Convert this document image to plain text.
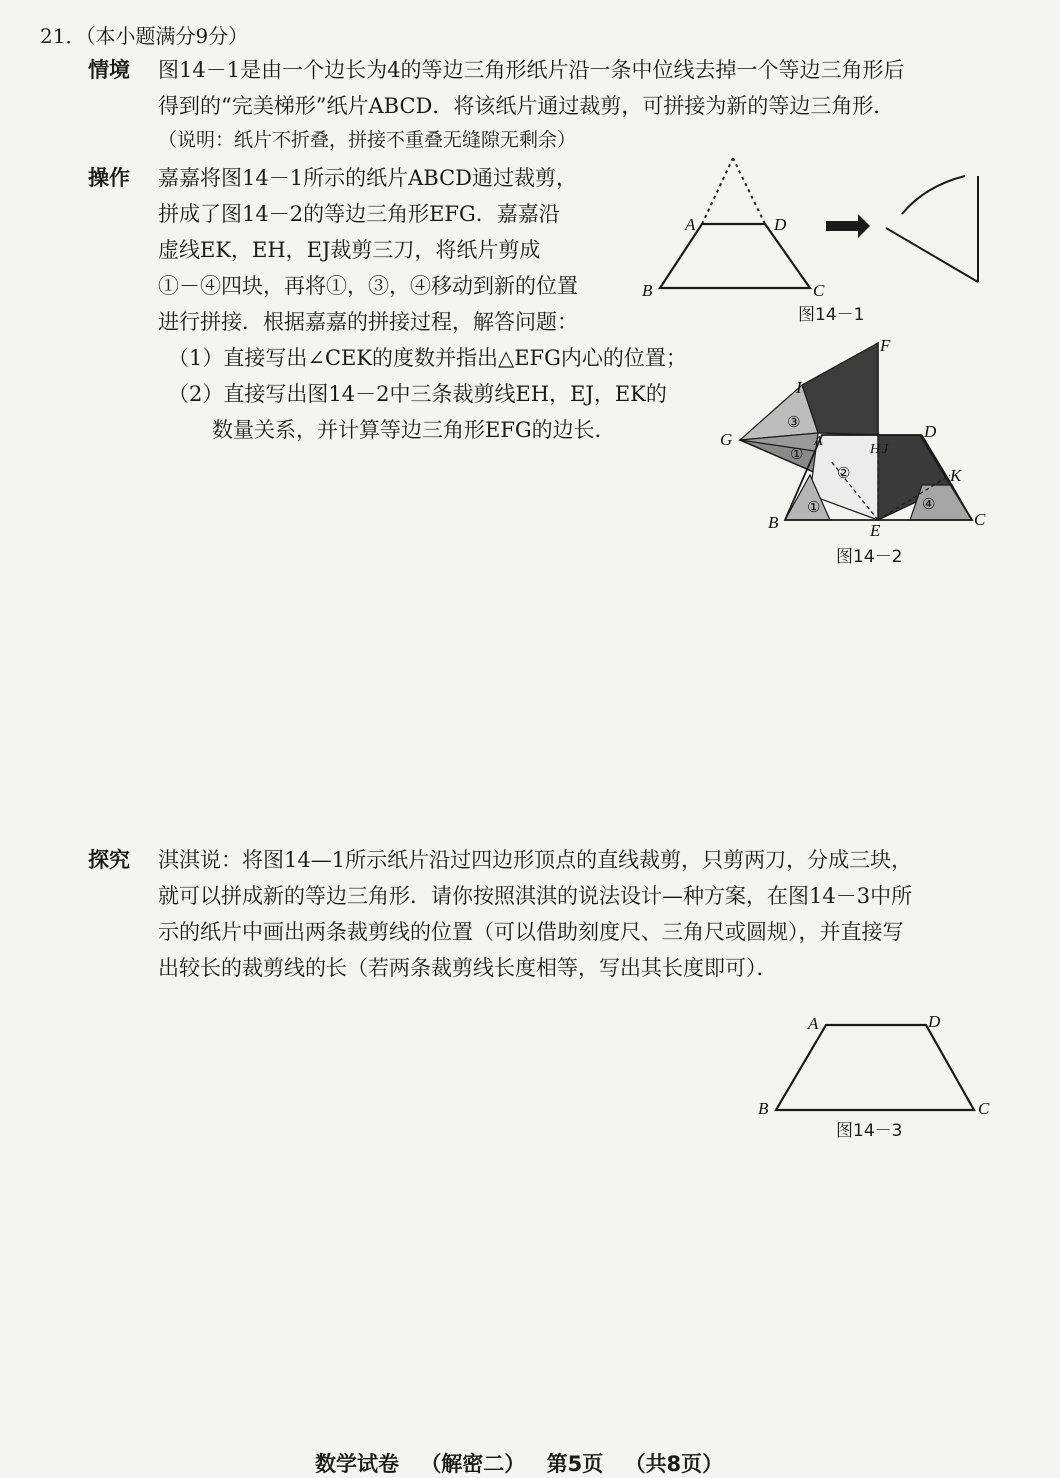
21．（本小题满分9分）
情境 图14－1是由一个边长为4的等边三角形纸片沿一条中位线去掉一个等边三角形后
得到的“完美梯形”纸片ABCD．将该纸片通过裁剪，可拼接为新的等边三角形．
（说明：纸片不折叠，拼接不重叠无缝隙无剩余）
操作 嘉嘉将图14－1所示的纸片ABCD通过裁剪，
拼成了图14－2的等边三角形EFG．嘉嘉沿
虚线EK，EH，EJ裁剪三刀，将纸片剪成
①－④四块，再将①，③，④移动到新的位置
进行拼接．根据嘉嘉的拼接过程，解答问题：
（1）直接写出∠CEK的度数并指出△EFG内心的位置；
（2）直接写出图14－2中三条裁剪线EH，EJ，EK的
数量关系，并计算等边三角形EFG的边长．
A	D
B	C
图14－1
F
I
G	A
D
H J
K
B	E
C
③
①
②
①	④
图14－2
探究 淇淇说：将图14—1所示纸片沿过四边形顶点的直线裁剪，只剪两刀，分成三块，
就可以拼成新的等边三角形．请你按照淇淇的说法设计—种方案，在图14－3中所
示的纸片中画出两条裁剪线的位置（可以借助刻度尺、三角尺或圆规），并直接写
出较长的裁剪线的长（若两条裁剪线长度相等，写出其长度即可）．
A	D
B	C
图14－3
数学试卷 （解密二） 第5页 （共8页）
